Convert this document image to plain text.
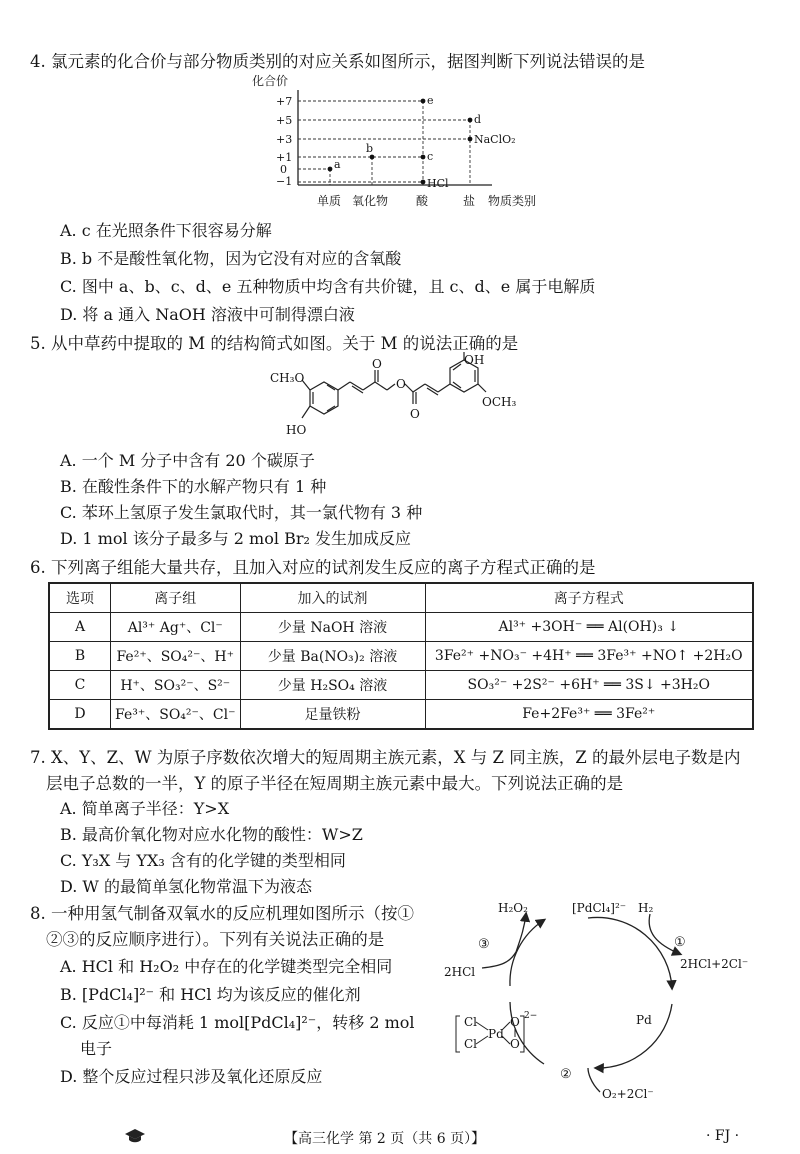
4. 氯元素的化合价与部分物质类别的对应关系如图所示，据图判断下列说法错误的是
化合价
+7
+5
+3
+1
0
−1
a
b
c
d
e
HCl
NaClO₂
单质 氧化物 酸	盐 物质类别
A. c 在光照条件下很容易分解
B. b 不是酸性氧化物，因为它没有对应的含氧酸
C. 图中 a、b、c、d、e 五种物质中均含有共价键，且 c、d、e 属于电解质
D. 将 a 通入 NaOH 溶液中可制得漂白液
5. 从中草药中提取的 M 的结构简式如图。关于 M 的说法正确的是
CH₃O
HO
O
O
O
OH
OCH₃
A. 一个 M 分子中含有 20 个碳原子
B. 在酸性条件下的水解产物只有 1 种
C. 苯环上氢原子发生氯取代时，其一氯代物有 3 种
D. 1 mol 该分子最多与 2 mol Br₂ 发生加成反应
6. 下列离子组能大量共存，且加入对应的试剂发生反应的离子方程式正确的是
选项	离子组	加入的试剂	离子方程式
A	Al³⁺ Ag⁺、Cl⁻	少量 NaOH 溶液	Al³⁺ +3OH⁻ ══ Al(OH)₃ ↓
B	Fe²⁺、SO₄²⁻、H⁺	少量 Ba(NO₃)₂ 溶液	3Fe²⁺ +NO₃⁻ +4H⁺ ══ 3Fe³⁺ +NO↑ +2H₂O
C	H⁺、SO₃²⁻、S²⁻	少量 H₂SO₄ 溶液	SO₃²⁻ +2S²⁻ +6H⁺ ══ 3S↓ +3H₂O
D	Fe³⁺、SO₄²⁻、Cl⁻	足量铁粉	Fe+2Fe³⁺ ══ 3Fe²⁺
7. X、Y、Z、W 为原子序数依次增大的短周期主族元素，X 与 Z 同主族，Z 的最外层电子数是内
层电子总数的一半，Y 的原子半径在短周期主族元素中最大。下列说法正确的是
A. 简单离子半径：Y>X
B. 最高价氧化物对应水化物的酸性：W>Z
C. Y₃X 与 YX₃ 含有的化学键的类型相同
D. W 的最简单氢化物常温下为液态
8. 一种用氢气制备双氧水的反应机理如图所示（按①
②③的反应顺序进行）。下列有关说法正确的是
A. HCl 和 H₂O₂ 中存在的化学键类型完全相同
B. [PdCl₄]²⁻ 和 HCl 均为该反应的催化剂
C. 反应①中每消耗 1 mol[PdCl₄]²⁻，转移 2 mol
电子
D. 整个反应过程只涉及氧化还原反应
H₂O₂	[PdCl₄]²⁻ H₂
2HCl
2HCl+2Cl⁻
Pd
O₂+2Cl⁻
Cl
Cl
Pd
O
O
2−
③	①
②
【高三化学 第 2 页（共 6 页）】	· FJ ·
